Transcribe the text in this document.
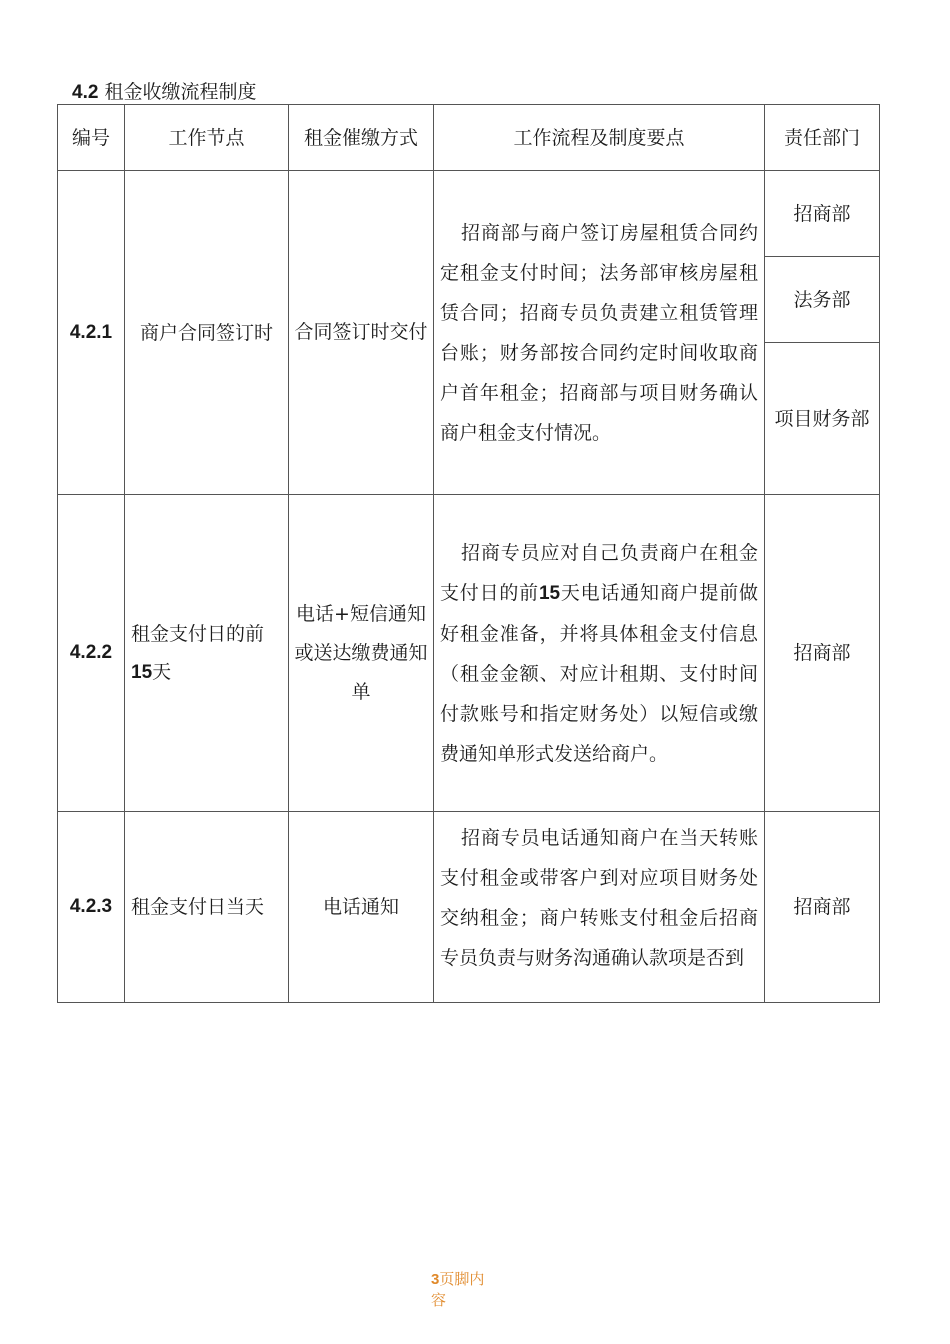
4.2 租金收缴流程制度
编号	工作节点	租金催缴方式	工作流程及制度要点	责任部门
4.2.1	商户合同签订时	合同签订时交付	招商部与商户签订房屋租赁合同约定租金支付时间；法务部审核房屋租赁合同；招商专员负责建立租赁管理台账；财务部按合同约定时间收取商户首年租金；招商部与项目财务确认商户租金支付情况。	招商部
				法务部
				项目财务部
4.2.2	租金支付日的前15天	电话+短信通知或送达缴费通知单	招商专员应对自己负责商户在租金支付日的前15天电话通知商户提前做好租金准备，并将具体租金支付信息（租金金额、对应计租期、支付时间付款账号和指定财务处）以短信或缴费通知单形式发送给商户。	招商部
4.2.3	租金支付日当天	电话通知	招商专员电话通知商户在当天转账支付租金或带客户到对应项目财务处交纳租金；商户转账支付租金后招商专员负责与财务沟通确认款项是否到	招商部
3页脚内容
